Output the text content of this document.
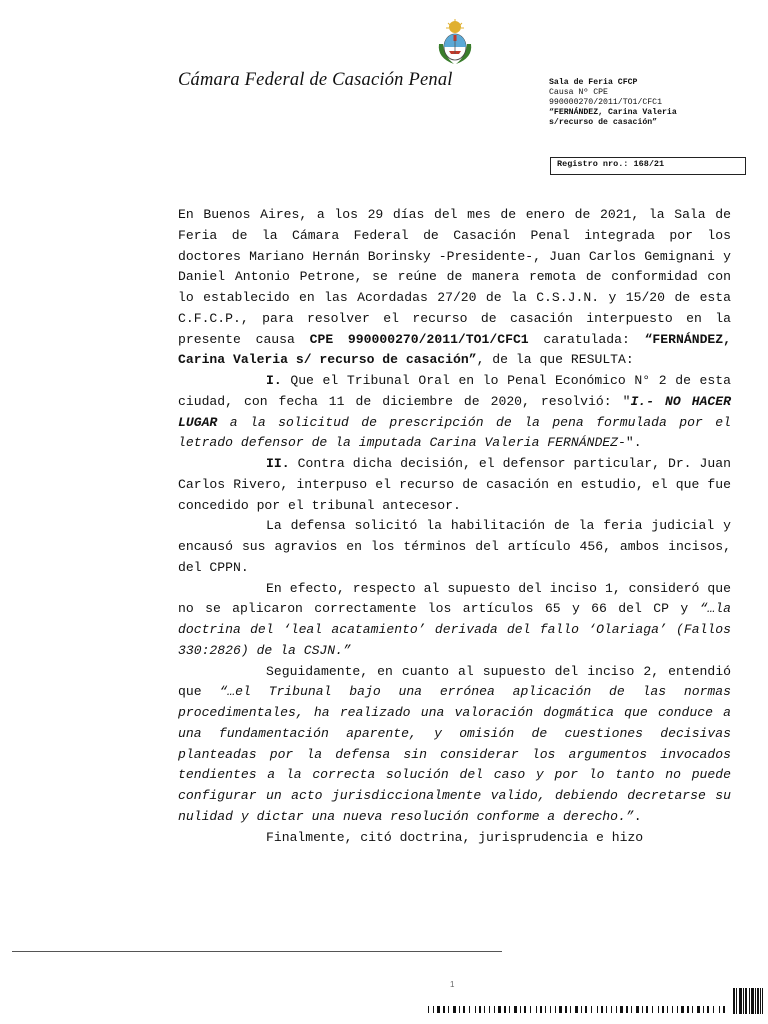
Cámara Federal de Casación Penal	Sala de Feria CFCP
Causa Nº CPE
990000270/2011/TO1/CFC1
“FERNÁNDEZ, Carina Valeria
s/recurso de casación”
Registro nro.: 168/21

En Buenos Aires, a los 29 días del mes de enero de 2021, la Sala de Feria de la Cámara Federal de Casación Penal integrada por los doctores Mariano Hernán Borinsky -Presidente-, Juan Carlos Gemignani y Daniel Antonio Petrone, se reúne de manera remota de conformidad con lo establecido en las Acordadas 27/20 de la C.S.J.N. y 15/20 de esta C.F.C.P., para resolver el recurso de casación interpuesto en la presente causa CPE 990000270/2011/TO1/CFC1 caratulada: “FERNÁNDEZ, Carina Valeria s/ recurso de casación”, de la que RESULTA:

I. Que el Tribunal Oral en lo Penal Económico N° 2 de esta ciudad, con fecha 11 de diciembre de 2020, resolvió: "I.- NO HACER LUGAR a la solicitud de prescripción de la pena formulada por el letrado defensor de la imputada Carina Valeria FERNÁNDEZ-".

II. Contra dicha decisión, el defensor particular, Dr. Juan Carlos Rivero, interpuso el recurso de casación en estudio, el que fue concedido por el tribunal antecesor.

La defensa solicitó la habilitación de la feria judicial y encausó sus agravios en los términos del artículo 456, ambos incisos, del CPPN.

En efecto, respecto al supuesto del inciso 1, consideró que no se aplicaron correctamente los artículos 65 y 66 del CP y “…la doctrina del ‘leal acatamiento’ derivada del fallo ‘Olariaga’ (Fallos 330:2826) de la CSJN.”

Seguidamente, en cuanto al supuesto del inciso 2, entendió que “…el Tribunal bajo una errónea aplicación de las normas procedimentales, ha realizado una valoración dogmática que conduce a una fundamentación aparente, y omisión de cuestiones decisivas planteadas por la defensa sin considerar los argumentos invocados tendientes a la correcta solución del caso y por lo tanto no puede configurar un acto jurisdiccionalmente valido, debiendo decretarse su nulidad y dictar una nueva resolución conforme a derecho.”.

Finalmente, citó doctrina, jurisprudencia e hizo

1
